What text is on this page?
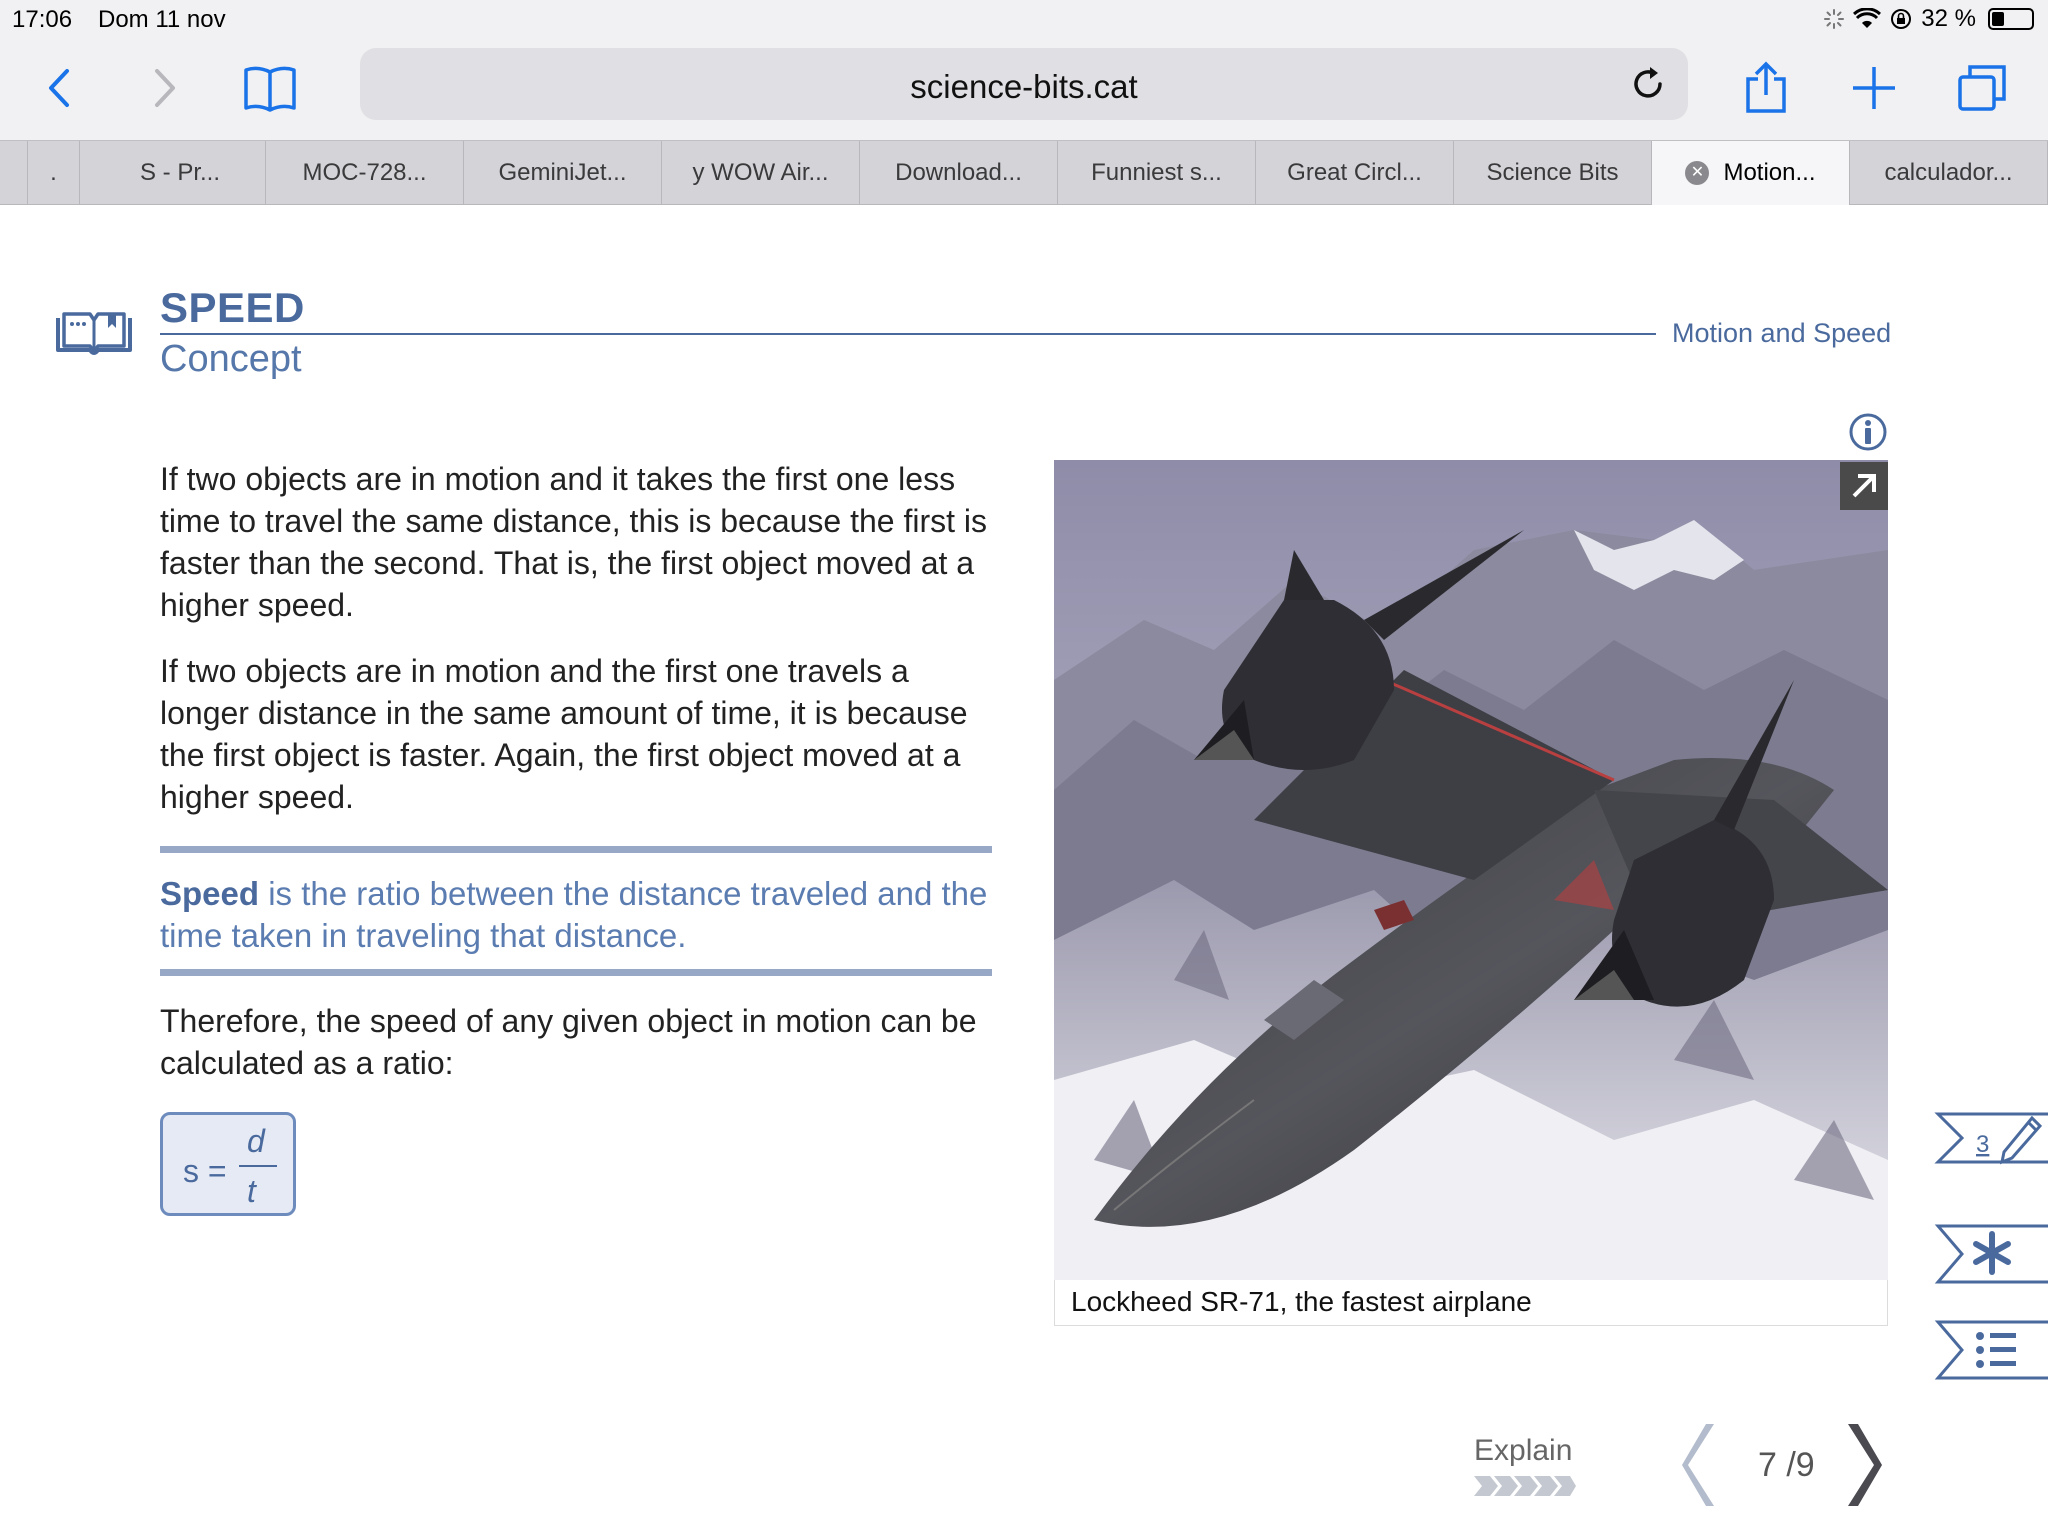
17:06 Dom 11 nov	32 %
science-bits.cat
.	S - Pr...	MOC-728...	GeminiJet...	y WOW Air...	Download...	Funniest s...	Great Circl...	Science Bits	✕ Motion...	calculador...
SPEED
Concept
Motion and Speed

If two objects are in motion and it takes the first one less time to travel the same distance, this is because the first is faster than the second. That is, the first object moved at a higher speed.

If two objects are in motion and the first one travels a longer distance in the same amount of time, it is because the first object is faster. Again, the first object moved at a higher speed.

Speed is the ratio between the distance traveled and the time taken in traveling that distance.
Therefore, the speed of any given object in motion can be calculated as a ratio:
s =
d
t
Lockheed SR-71, the fastest airplane
3
Explain	7 /9
